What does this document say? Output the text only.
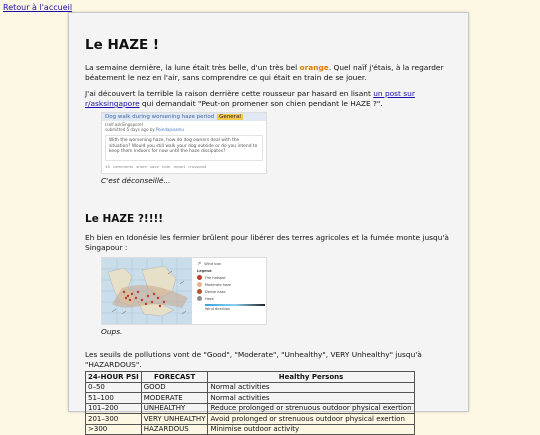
Retour à l'accueil
Le HAZE !

La semaine dernière, la lune était très belle, d'un très bel orange. Quel naïf j'étais, à la regarder béatement le nez en l'air, sans comprendre ce qui était en train de se jouer.

J'ai découvert la terrible la raison derrière cette rousseur par hasard en lisant un post sur r/asksingapore qui demandait "Peut-on promener son chien pendant le HAZE ?".

Dog walk during worsening haze period General
(self.askSingapore)
submitted 5 days ago by Poindapisamu
With the worsening haze, how do dog owners deal with the situation? Would you still walk your dog outside or do you intend to keep them indoors for now until the haze dissipates?
16 comments share save hide report crosspost
C'est déconseillé...
Le HAZE ?!!!!

Eh bien en Idonésie les fermier brûlent pour libérer des terres agricoles et la fumée monte jusqu'à Singapour :

↗ Wind icon
Legend
Fire hotspot
Moderate haze
Dense haze
Haze
Wind direction
Oups.

Les seuils de pollutions vont de "Good", "Moderate", "Unhealthy", VERY Unhealthy" jusqu'à "HAZARDOUS".

24-HOUR PSI	FORECAST	Healthy Persons
0–50	GOOD	Normal activities
51–100	MODERATE	Normal activities
101–200	UNHEALTHY	Reduce prolonged or strenuous outdoor physical exertion
201–300	VERY UNHEALTHY	Avoid prolonged or strenuous outdoor physical exertion
>300	HAZARDOUS	Minimise outdoor activity
